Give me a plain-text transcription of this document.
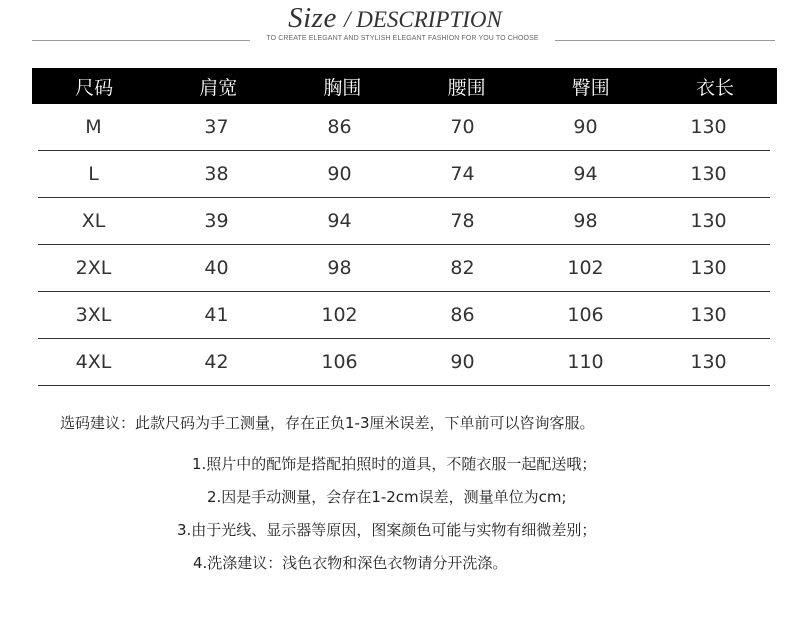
Size / DESCRIPTION
TO CREATE ELEGANT AND STYLISH ELEGANT FASHION FOR YOU TO CHOOSE
尺码	肩宽	胸围	腰围	臀围	衣长
M	37	86	70	90	130
L	38	90	74	94	130
XL	39	94	78	98	130
2XL	40	98	82	102	130
3XL	41	102	86	106	130
4XL	42	106	90	110	130
选码建议：此款尺码为手工测量，存在正负1-3厘米误差，下单前可以咨询客服。
1.照片中的配饰是搭配拍照时的道具，不随衣服一起配送哦；
2.因是手动测量，会存在1-2cm误差，测量单位为cm;
3.由于光线、显示器等原因，图案颜色可能与实物有细微差别；
4.洗涤建议：浅色衣物和深色衣物请分开洗涤。
